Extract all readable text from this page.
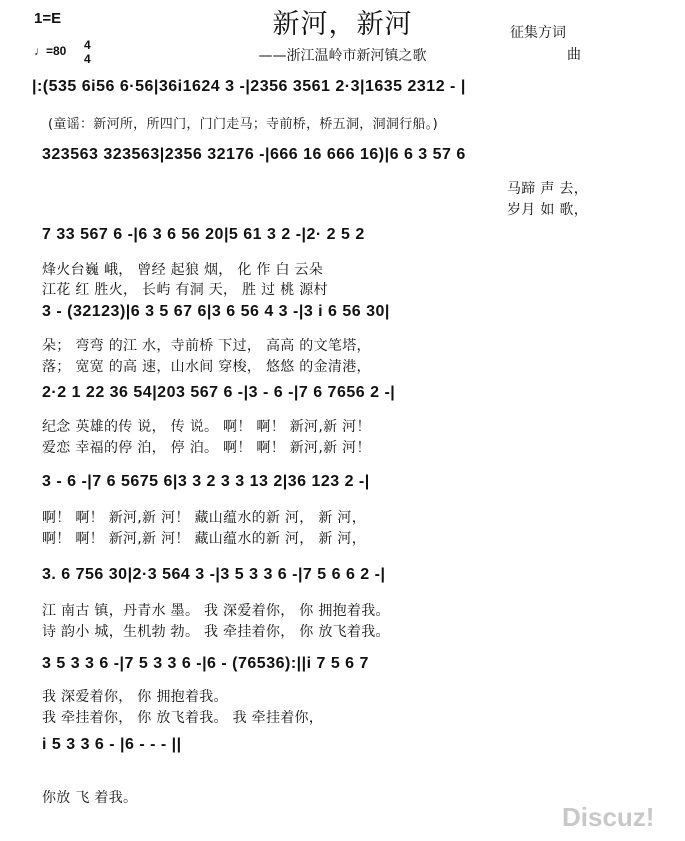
新河，新河
——浙江温岭市新河镇之歌
征集方词
曲
1=E
♩=80 4
4
|:(535 6i56 6·56|36i1624 3 -|2356 3561 2·3|1635 2312 - |
(童谣：新河所，所四门，门门走马；寺前桥，桥五洞，洞洞行船。)
323563 323563|2356 32176 -|666 16 666 16)|6 6 3 57 6
马蹄 声 去，
岁月 如 歌，
7 33 567 6 -|6 3 6 56 20|5 61 3 2 -|2· 2 5 2
烽火台巍 峨， 曾经 起狼 烟， 化 作 白 云朵
江花 红 胜火， 长屿 有洞 天， 胜 过 桃 源村
3 - (32123)|6 3 5 67 6|3 6 56 4 3 -|3 i 6 56 30|
朵； 弯弯 的江 水，寺前桥 下过， 高高 的文笔塔，
落； 宽宽 的高 速，山水间 穿梭， 悠悠 的金清港，
2·2 1 22 36 54|203 567 6 -|3 - 6 -|7 6 7656 2 -|
纪念 英雄的传 说， 传 说。 啊！ 啊！ 新河,新 河！
爱恋 幸福的停 泊， 停 泊。 啊！ 啊！ 新河,新 河！
3 - 6 -|7 6 5675 6|3 3 2 3 3 13 2|36 123 2 -|
啊！ 啊！ 新河,新 河！ 藏山蕴水的新 河， 新 河，
啊！ 啊！ 新河,新 河！ 藏山蕴水的新 河， 新 河，
3. 6 756 30|2·3 564 3 -|3 5 3 3 6 -|7 5 6 6 2 -|
江 南古 镇，丹青水 墨。 我 深爱着你， 你 拥抱着我。
诗 韵小 城，生机勃 勃。 我 牵挂着你， 你 放飞着我。
3 5 3 3 6 -|7 5 3 3 6 -|6 - (76536):||i 7 5 6 7
我 深爱着你， 你 拥抱着我。
我 牵挂着你， 你 放飞着我。 我 牵挂着你，
i 5 3 3 6 - |6 - - - ||
你放 飞 着我。
Discuz!
